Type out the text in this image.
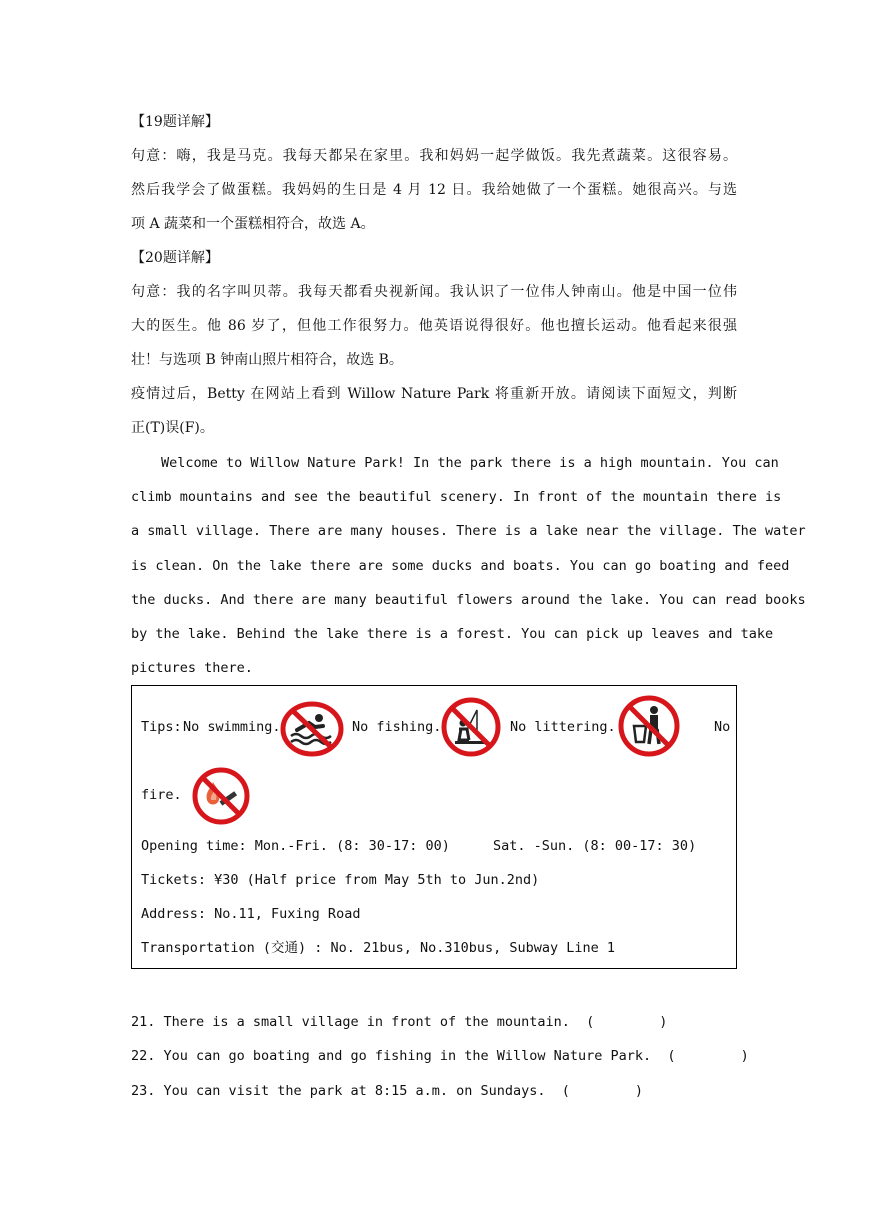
【19题详解】
句意：嗨，我是马克。我每天都呆在家里。我和妈妈一起学做饭。我先煮蔬菜。这很容易。
然后我学会了做蛋糕。我妈妈的生日是 4 月 12 日。我给她做了一个蛋糕。她很高兴。与选
项 A 蔬菜和一个蛋糕相符合，故选 A。
【20题详解】
句意：我的名字叫贝蒂。我每天都看央视新闻。我认识了一位伟人钟南山。他是中国一位伟
大的医生。他 86 岁了，但他工作很努力。他英语说得很好。他也擅长运动。他看起来很强
壮！与选项 B 钟南山照片相符合，故选 B。
疫情过后，Betty 在网站上看到 Willow Nature Park 将重新开放。请阅读下面短文，判断
正(T)误(F)。
Welcome to Willow Nature Park! In the park there is a high mountain. You can
climb mountains and see the beautiful scenery. In front of the mountain there is
a small village. There are many houses. There is a lake near the village. The water
is clean. On the lake there are some ducks and boats. You can go boating and feed
the ducks. And there are many beautiful flowers around the lake. You can read books
by the lake. Behind the lake there is a forest. You can pick up leaves and take
pictures there.
Tips: No swimming.	No fishing.	No littering.	No
fire.
Opening time: Mon.-Fri. (8: 30-17: 00)	Sat. -Sun. (8: 00-17: 30)
Tickets: ¥30 (Half price from May 5th to Jun.2nd)
Address: No.11, Fuxing Road
Transportation (交通) : No. 21bus, No.310bus, Subway Line 1
21. There is a small village in front of the mountain.  (        )
22. You can go boating and go fishing in the Willow Nature Park.  (        )
23. You can visit the park at 8:15 a.m. on Sundays.  (        )
